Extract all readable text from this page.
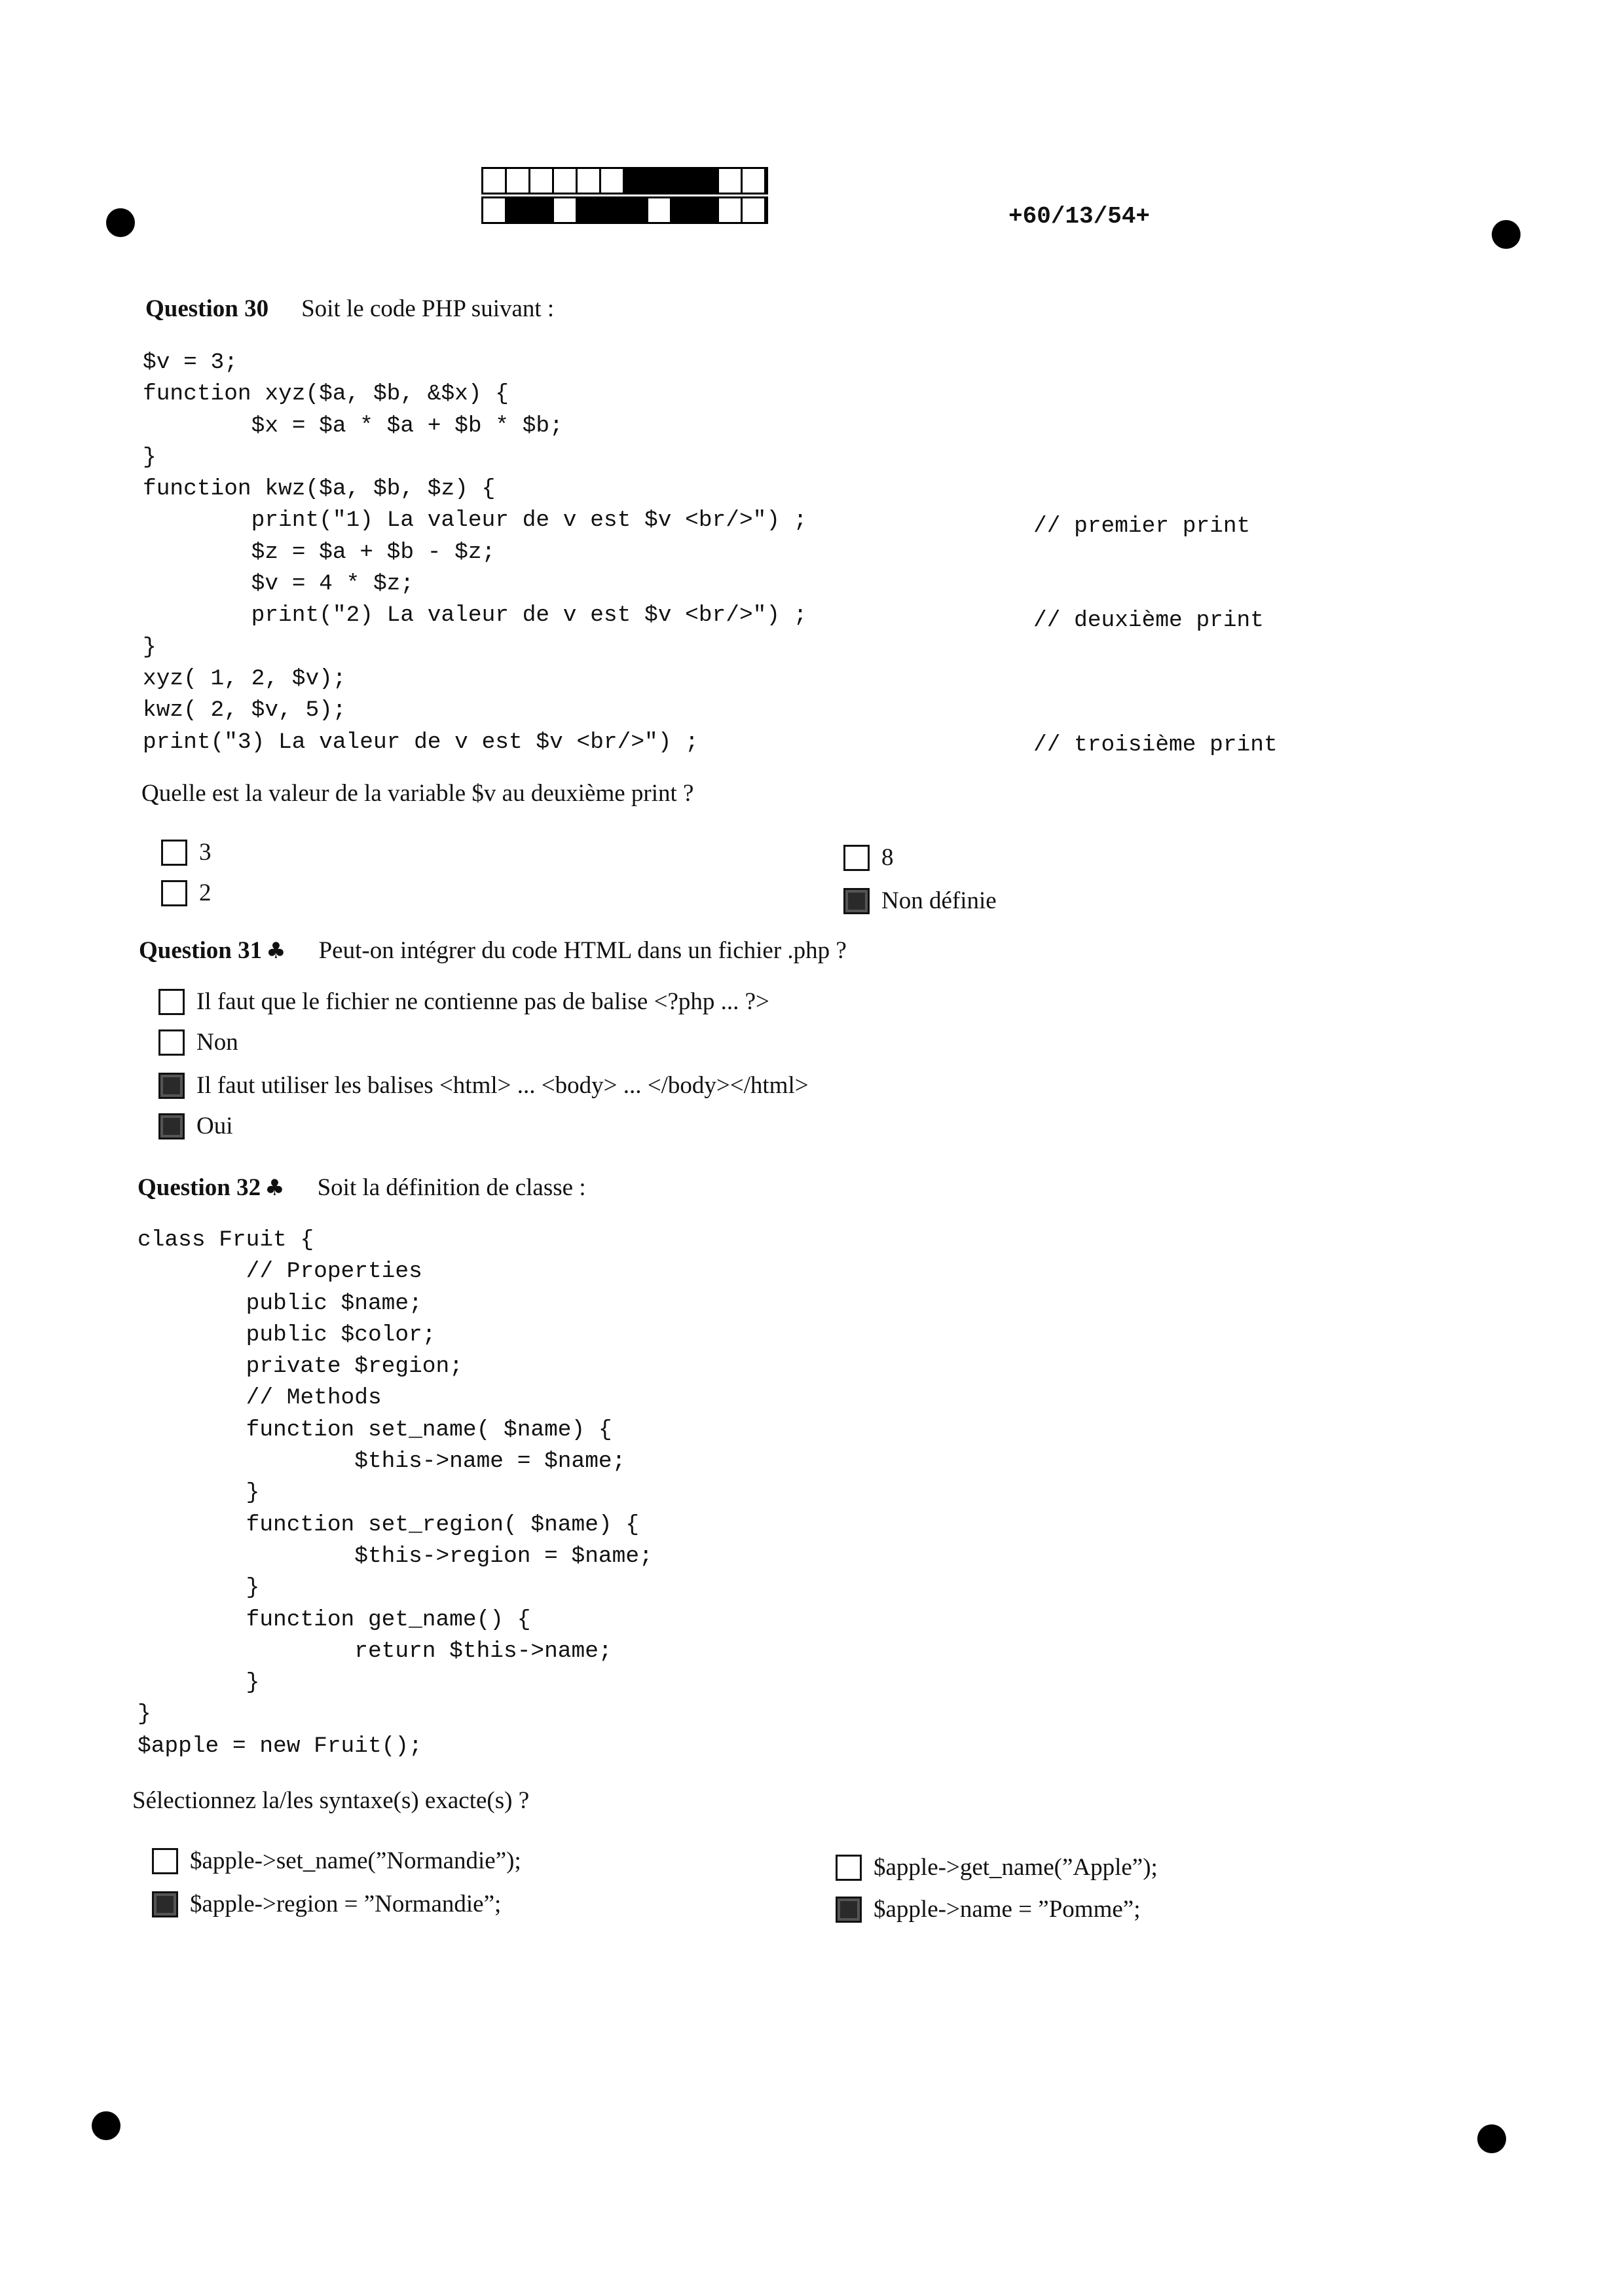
+60/13/54+
Question 30 Soit le code PHP suivant :
$v = 3;
function xyz($a, $b, &$x) {
$x = $a * $a + $b * $b;
}
function kwz($a, $b, $z) {
print("1) La valeur de v est $v <br/>") ;
$z = $a + $b - $z;
$v = 4 * $z;
print("2) La valeur de v est $v <br/>") ;
}
xyz( 1, 2, $v);
kwz( 2, $v, 5);
print("3) La valeur de v est $v <br/>") ;
// premier print
// deuxième print
// troisième print
Quelle est la valeur de la variable $v au deuxième print ?
3
2
8
Non définie
Question 31 ♣ Peut-on intégrer du code HTML dans un fichier .php ?
Il faut que le fichier ne contienne pas de balise <?php ... ?>
Non
Il faut utiliser les balises <html> ... <body> ... </body></html>
Oui
Question 32 ♣ Soit la définition de classe :
class Fruit {
// Properties
public $name;
public $color;
private $region;
// Methods
function set_name( $name) {
$this->name = $name;
}
function set_region( $name) {
$this->region = $name;
}
function get_name() {
return $this->name;
}
}
$apple = new Fruit();
Sélectionnez la/les syntaxe(s) exacte(s) ?
$apple->set_name(”Normandie”);
$apple->region = ”Normandie”;
$apple->get_name(”Apple”);
$apple->name = ”Pomme”;
